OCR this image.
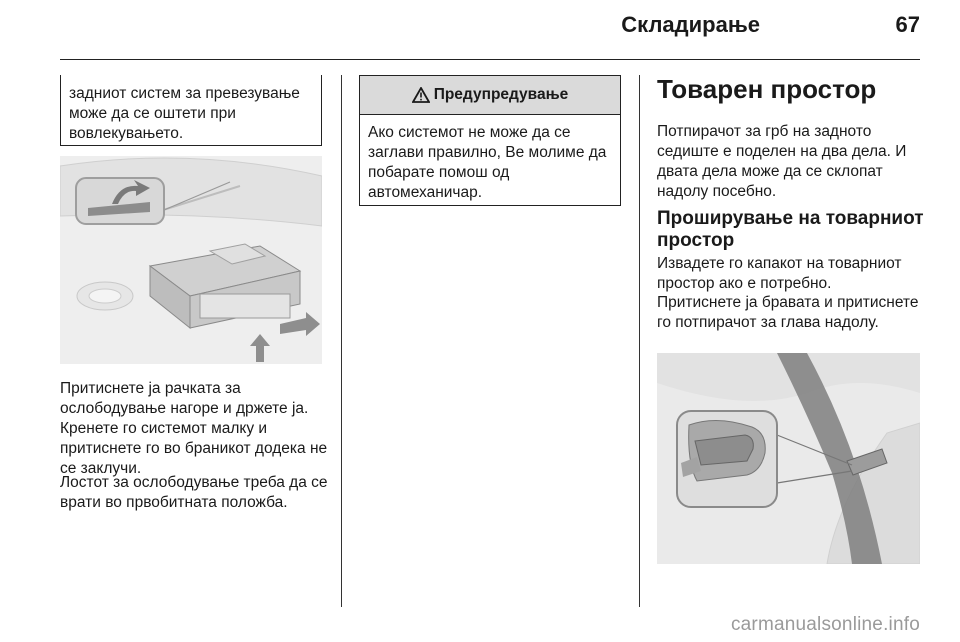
Складирање	67

задниот систем за превезување може да се оштети при вовлекувањето.

Притиснете ја рачката за ослободување нагоре и држете ја. Кренете го системот малку и притиснете го во браникот додека не се заклучи.

Лостот за ослободување треба да се врати во првобитната положба.

Предупредување

Ако системот не може да се заглави правилно, Ве молиме да побарате помош од автомеханичар.

Товарен простор

Потпирачот за грб на задното седиште е поделен на два дела. И двата дела може да се склопат надолу посебно.

Проширување на товарниот простор

Извадете го капакот на товарниот простор ако е потребно.

Притиснете ја бравата и притиснете го потпирачот за глава надолу.

carmanualsonline.info
